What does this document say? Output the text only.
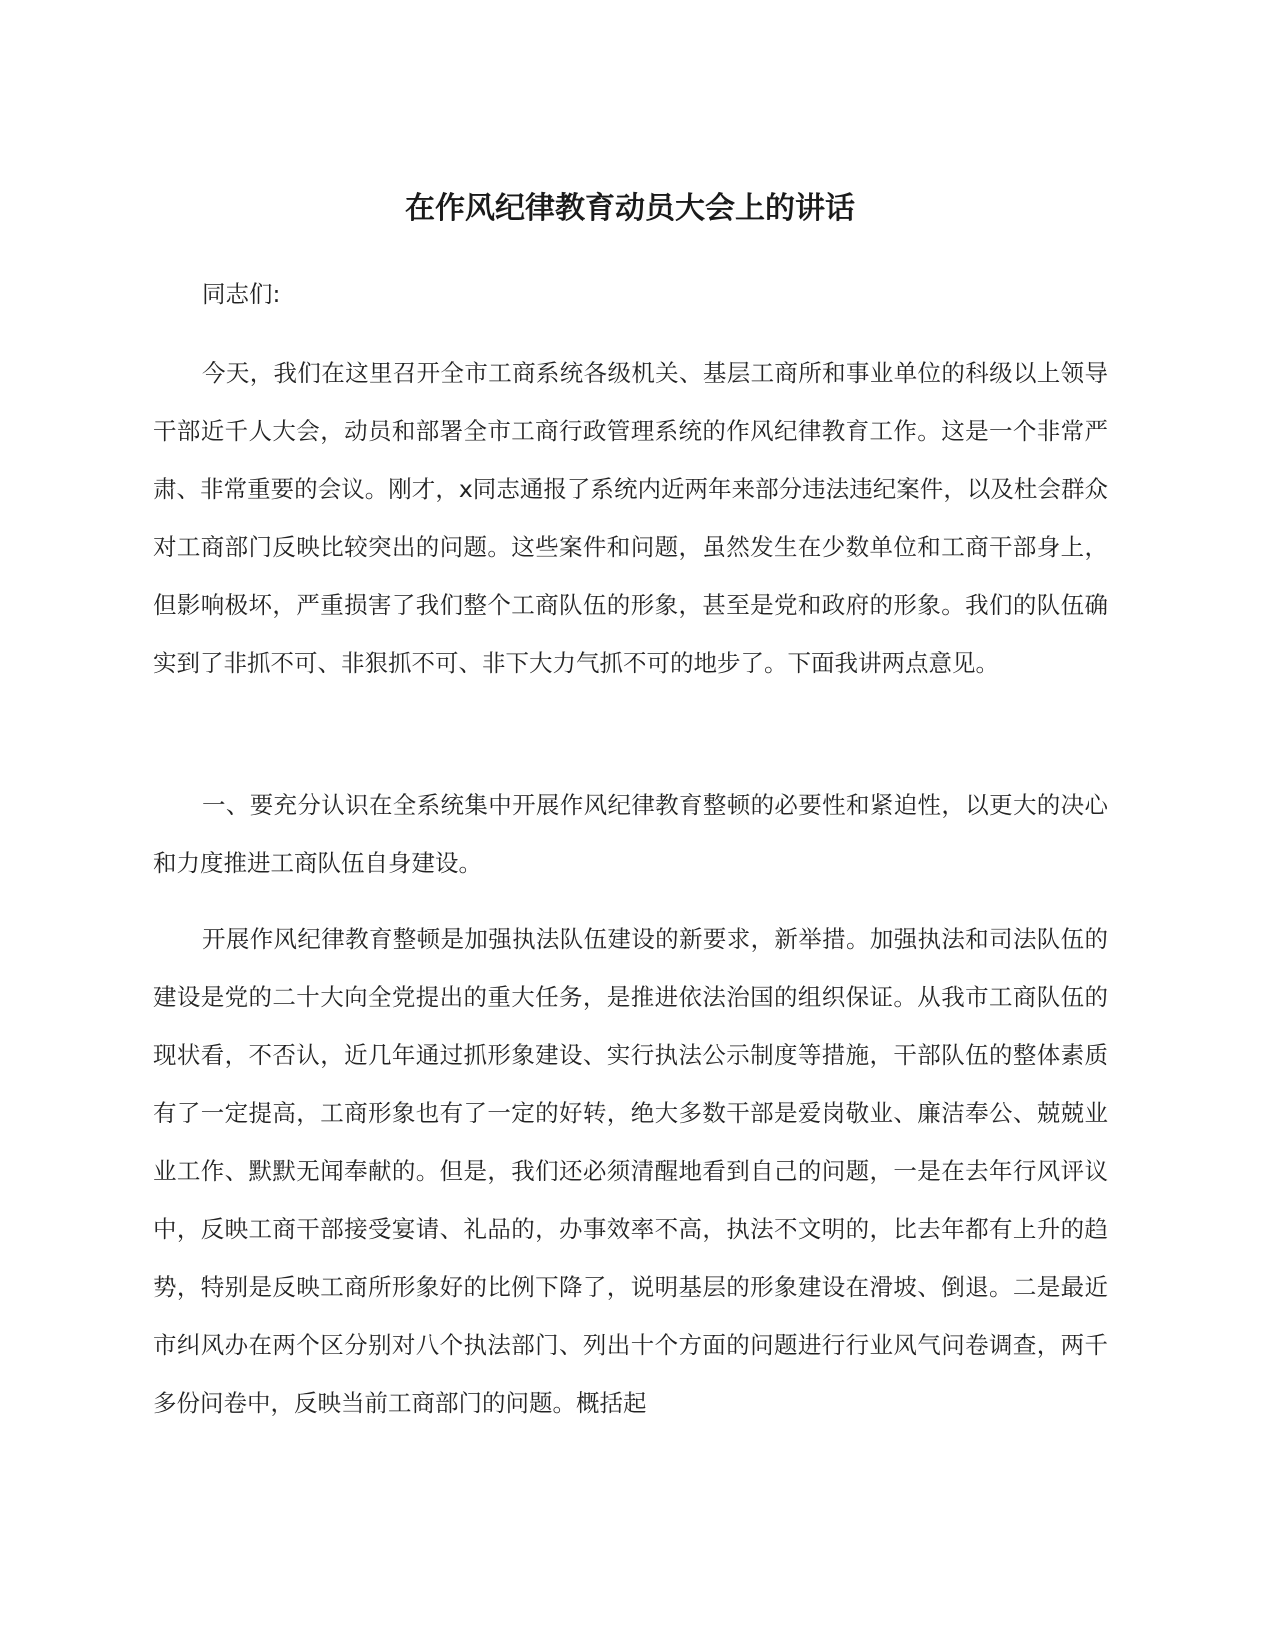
在作风纪律教育动员大会上的讲话

同志们:

今天，我们在这里召开全市工商系统各级机关、基层工商所和事业单位的科级以上领导干部近千人大会，动员和部署全市工商行政管理系统的作风纪律教育工作。这是一个非常严肃、非常重要的会议。刚才，x同志通报了系统内近两年来部分违法违纪案件，以及杜会群众对工商部门反映比较突出的问题。这些案件和问题，虽然发生在少数单位和工商干部身上，但影响极坏，严重损害了我们整个工商队伍的形象，甚至是党和政府的形象。我们的队伍确实到了非抓不可、非狠抓不可、非下大力气抓不可的地步了。下面我讲两点意见。

一、要充分认识在全系统集中开展作风纪律教育整顿的必要性和紧迫性，以更大的决心和力度推进工商队伍自身建设。

开展作风纪律教育整顿是加强执法队伍建设的新要求，新举措。加强执法和司法队伍的建设是党的二十大向全党提出的重大任务，是推进依法治国的组织保证。从我市工商队伍的现状看，不否认，近几年通过抓形象建设、实行执法公示制度等措施，干部队伍的整体素质有了一定提高，工商形象也有了一定的好转，绝大多数干部是爱岗敬业、廉洁奉公、兢兢业业工作、默默无闻奉献的。但是，我们还必须清醒地看到自己的问题，一是在去年行风评议中，反映工商干部接受宴请、礼品的，办事效率不高，执法不文明的，比去年都有上升的趋势，特别是反映工商所形象好的比例下降了，说明基层的形象建设在滑坡、倒退。二是最近市纠风办在两个区分别对八个执法部门、列出十个方面的问题进行行业风气问卷调查，两千多份问卷中，反映当前工商部门的问题。概括起
